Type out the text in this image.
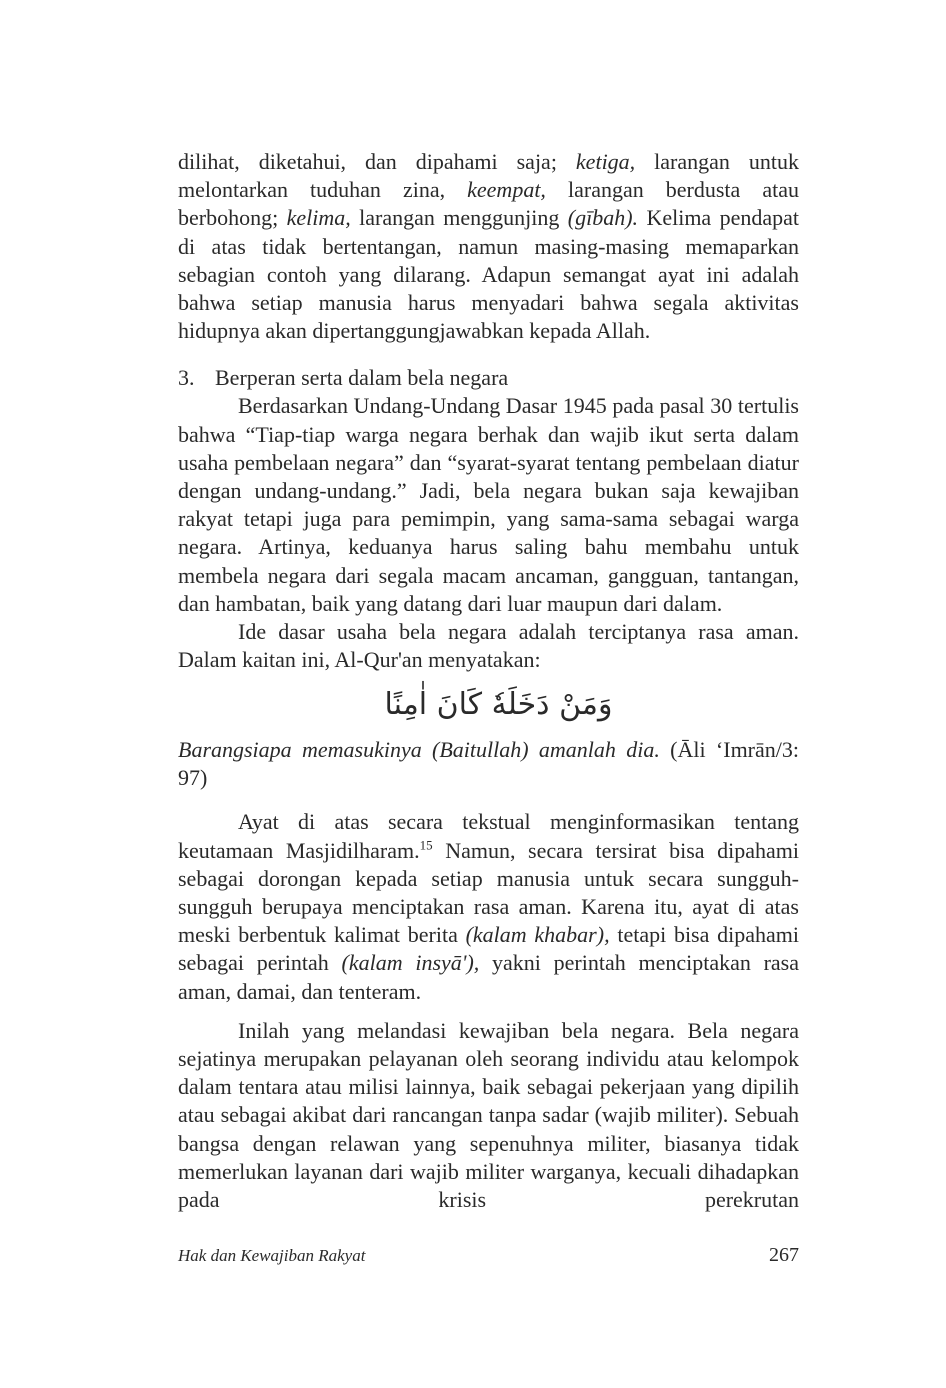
dilihat, diketahui, dan dipahami saja; ketiga, larangan untuk melontarkan tuduhan zina, keempat, larangan berdusta atau berbohong; kelima, larangan menggunjing (gībah). Kelima pendapat di atas tidak bertentangan, namun masing-masing memaparkan sebagian contoh yang dilarang. Adapun semangat ayat ini adalah bahwa setiap manusia harus menyadari bahwa segala aktivitas hidupnya akan dipertanggungjawabkan kepada Allah.

3. Berperan serta dalam bela negara

Berdasarkan Undang-Undang Dasar 1945 pada pasal 30 tertulis bahwa “Tiap-tiap warga negara berhak dan wajib ikut serta dalam usaha pembelaan negara” dan “syarat-syarat tentang pembelaan diatur dengan undang-undang.” Jadi, bela negara bukan saja kewajiban rakyat tetapi juga para pemimpin, yang sama-sama sebagai warga negara. Artinya, keduanya harus saling bahu membahu untuk membela negara dari segala macam ancaman, gangguan, tantangan, dan hambatan, baik yang datang dari luar maupun dari dalam.

Ide dasar usaha bela negara adalah terciptanya rasa aman. Dalam kaitan ini, Al-Qur'an menyatakan:

وَمَنْ دَخَلَهٗ كَانَ اٰمِنًا

Barangsiapa memasukinya (Baitullah) amanlah dia. (Āli ‘Imrān/3: 97)

Ayat di atas secara tekstual menginformasikan tentang keutamaan Masjidilharam.$^{15}$ Namun, secara tersirat bisa dipahami sebagai dorongan kepada setiap manusia untuk secara sungguh-sungguh berupaya menciptakan rasa aman. Karena itu, ayat di atas meski berbentuk kalimat berita (kalam khabar), tetapi bisa dipahami sebagai perintah (kalam insyā'), yakni perintah menciptakan rasa aman, damai, dan tenteram.

Inilah yang melandasi kewajiban bela negara. Bela negara sejatinya merupakan pelayanan oleh seorang individu atau kelompok dalam tentara atau milisi lainnya, baik sebagai pekerjaan yang dipilih atau sebagai akibat dari rancangan tanpa sadar (wajib militer). Sebuah bangsa dengan relawan yang sepenuhnya militer, biasanya tidak memerlukan layanan dari wajib militer warganya, kecuali dihadapkan pada krisis perekrutan

Hak dan Kewajiban Rakyat	267
